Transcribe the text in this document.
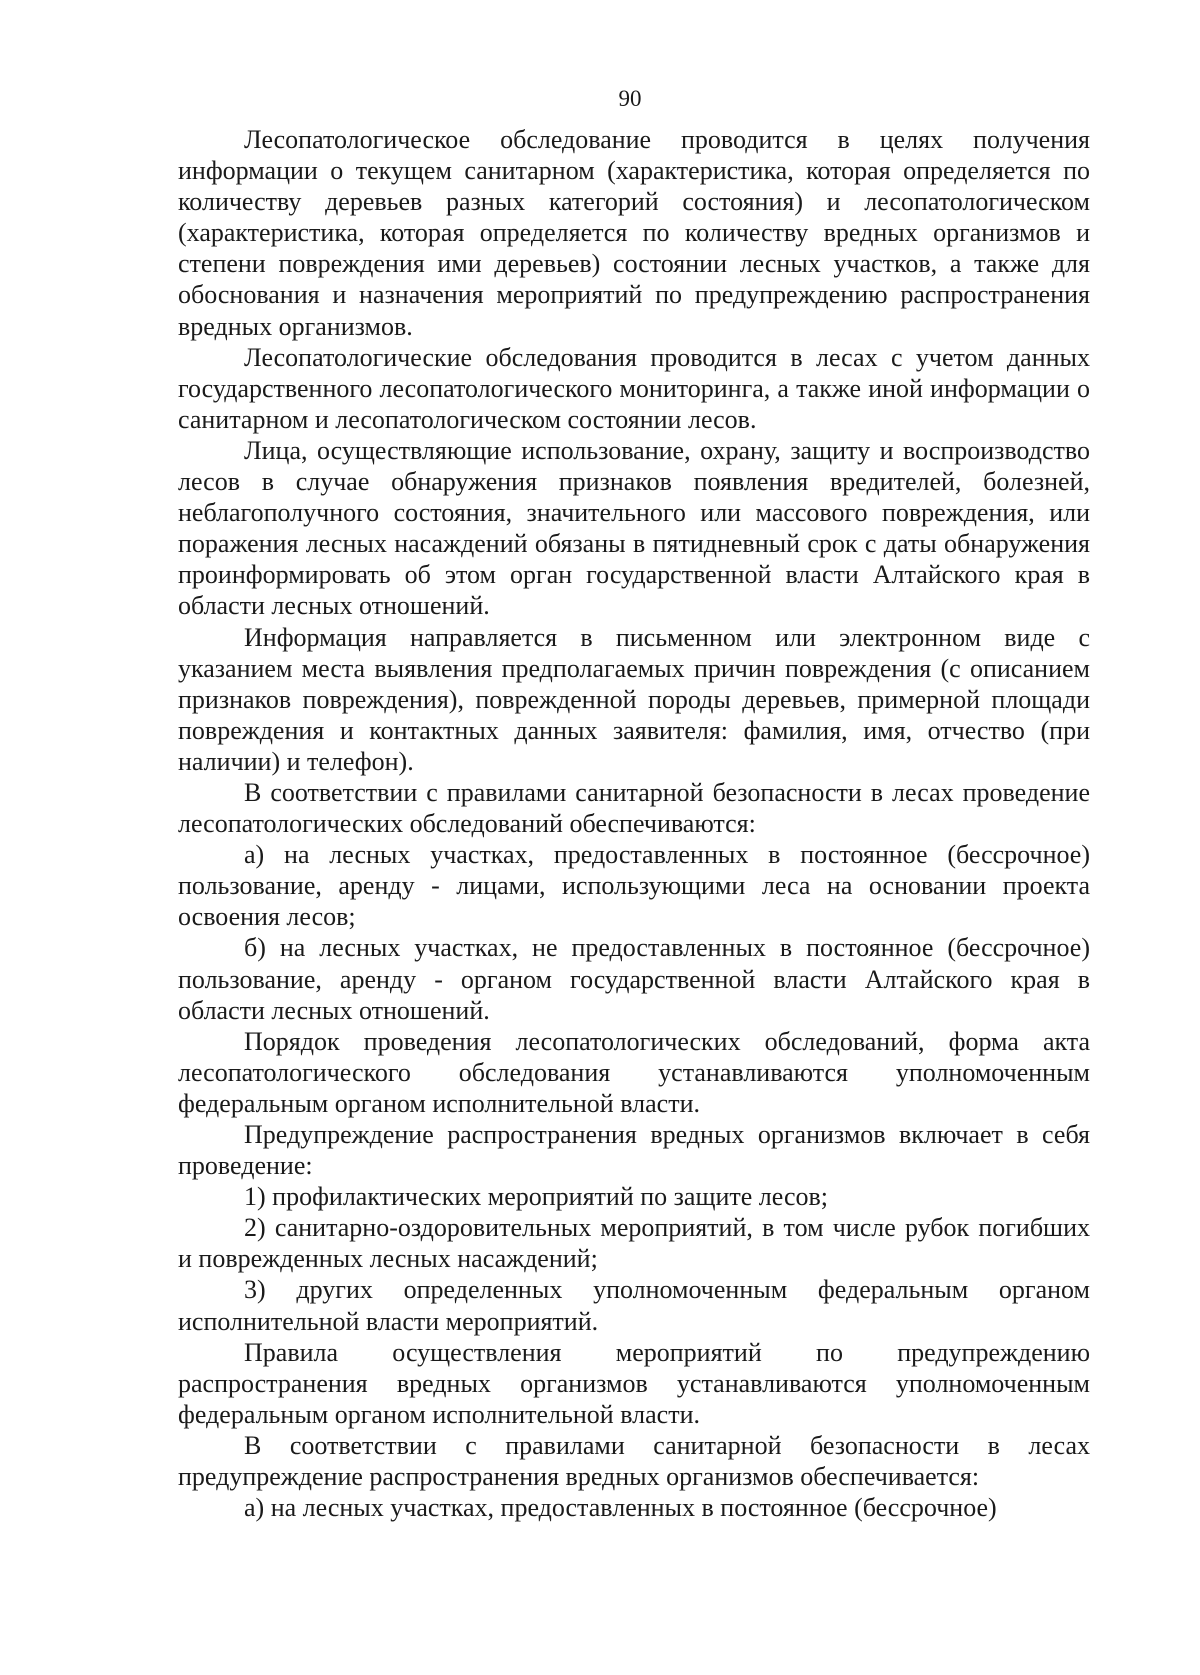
90

Лесопатологическое обследование проводится в целях получения информации о текущем санитарном (характеристика, которая определяется по количеству деревьев разных категорий состояния) и лесопатологическом (характеристика, которая определяется по количеству вредных организмов и степени повреждения ими деревьев) состоянии лесных участков, а также для обоснования и назначения мероприятий по предупреждению распространения вредных организмов.

Лесопатологические обследования проводится в лесах с учетом данных государственного лесопатологического мониторинга, а также иной информации о санитарном и лесопатологическом состоянии лесов.

Лица, осуществляющие использование, охрану, защиту и воспроизводство лесов в случае обнаружения признаков появления вредителей, болезней, неблагополучного состояния, значительного или массового повреждения, или поражения лесных насаждений обязаны в пятидневный срок с даты обнаружения проинформировать об этом орган государственной власти Алтайского края в области лесных отношений.

Информация направляется в письменном или электронном виде с указанием места выявления предполагаемых причин повреждения (с описанием признаков повреждения), поврежденной породы деревьев, примерной площади повреждения и контактных данных заявителя: фамилия, имя, отчество (при наличии) и телефон).

В соответствии с правилами санитарной безопасности в лесах проведение лесопатологических обследований обеспечиваются:

а) на лесных участках, предоставленных в постоянное (бессрочное) пользование, аренду - лицами, использующими леса на основании проекта освоения лесов;

б) на лесных участках, не предоставленных в постоянное (бессрочное) пользование, аренду - органом государственной власти Алтайского края в области лесных отношений.

Порядок проведения лесопатологических обследований, форма акта лесопатологического обследования устанавливаются уполномоченным федеральным органом исполнительной власти.

Предупреждение распространения вредных организмов включает в себя проведение:

1) профилактических мероприятий по защите лесов;

2) санитарно-оздоровительных мероприятий, в том числе рубок погибших и поврежденных лесных насаждений;

3) других определенных уполномоченным федеральным органом исполнительной власти мероприятий.

Правила осуществления мероприятий по предупреждению распространения вредных организмов устанавливаются уполномоченным федеральным органом исполнительной власти.

В соответствии с правилами санитарной безопасности в лесах предупреждение распространения вредных организмов обеспечивается:

а) на лесных участках, предоставленных в постоянное (бессрочное)
